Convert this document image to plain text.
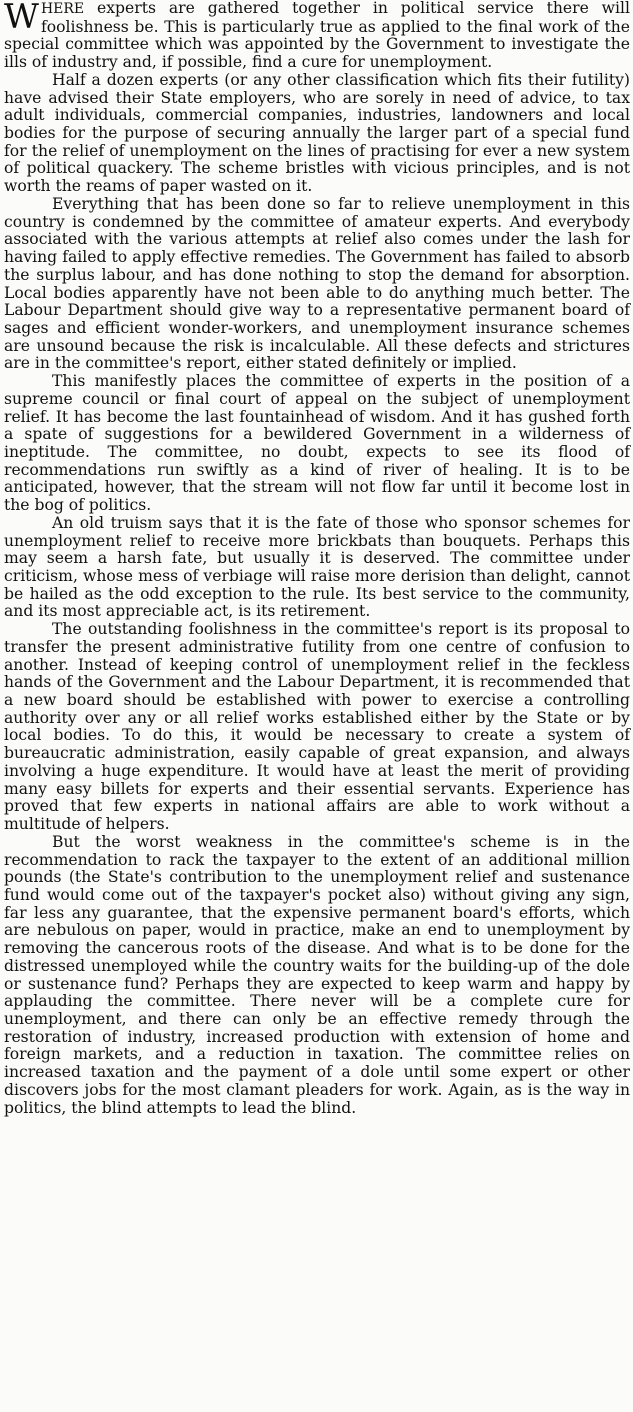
WHERE experts are gathered together in political service there will foolishness be. This is particularly true as applied to the final work of the special committee which was appointed by the Government to investigate the ills of industry and, if possible, find a cure for unemployment.

Half a dozen experts (or any other classification which fits their futility) have advised their State employers, who are sorely in need of advice, to tax adult individuals, commercial companies, industries, landowners and local bodies for the purpose of securing annually the larger part of a special fund for the relief of unemployment on the lines of practising for ever a new system of political quackery. The scheme bristles with vicious principles, and is not worth the reams of paper wasted on it.

Everything that has been done so far to relieve unemployment in this country is condemned by the committee of amateur experts. And everybody associated with the various attempts at relief also comes under the lash for having failed to apply effective remedies. The Government has failed to absorb the surplus labour, and has done nothing to stop the demand for absorption. Local bodies apparently have not been able to do anything much better. The Labour Department should give way to a representative permanent board of sages and efficient wonder-workers, and unemployment insurance schemes are unsound because the risk is incalculable. All these defects and strictures are in the committee's report, either stated definitely or implied.

This manifestly places the committee of experts in the position of a supreme council or final court of appeal on the subject of unemployment relief. It has become the last fountainhead of wisdom. And it has gushed forth a spate of suggestions for a bewildered Government in a wilderness of ineptitude. The committee, no doubt, expects to see its flood of recommendations run swiftly as a kind of river of healing. It is to be anticipated, however, that the stream will not flow far until it become lost in the bog of politics.

An old truism says that it is the fate of those who sponsor schemes for unemployment relief to receive more brickbats than bouquets. Perhaps this may seem a harsh fate, but usually it is deserved. The committee under criticism, whose mess of verbiage will raise more derision than delight, cannot be hailed as the odd exception to the rule. Its best service to the community, and its most appreciable act, is its retirement.

The outstanding foolishness in the committee's report is its proposal to transfer the present administrative futility from one centre of confusion to another. Instead of keeping control of unemployment relief in the feckless hands of the Government and the Labour Department, it is recommended that a new board should be established with power to exercise a controlling authority over any or all relief works established either by the State or by local bodies. To do this, it would be necessary to create a system of bureaucratic administration, easily capable of great expansion, and always involving a huge expenditure. It would have at least the merit of providing many easy billets for experts and their essential servants. Experience has proved that few experts in national affairs are able to work without a multitude of helpers.

But the worst weakness in the committee's scheme is in the recommendation to rack the taxpayer to the extent of an additional million pounds (the State's contribution to the unemployment relief and sustenance fund would come out of the taxpayer's pocket also) without giving any sign, far less any guarantee, that the expensive permanent board's efforts, which are nebulous on paper, would in practice, make an end to unemployment by removing the cancerous roots of the disease. And what is to be done for the distressed unemployed while the country waits for the building-up of the dole or sustenance fund? Perhaps they are expected to keep warm and happy by applauding the committee. There never will be a complete cure for unemployment, and there can only be an effective remedy through the restoration of industry, increased production with extension of home and foreign markets, and a reduction in taxation. The committee relies on increased taxation and the payment of a dole until some expert or other discovers jobs for the most clamant pleaders for work. Again, as is the way in politics, the blind attempts to lead the blind.
